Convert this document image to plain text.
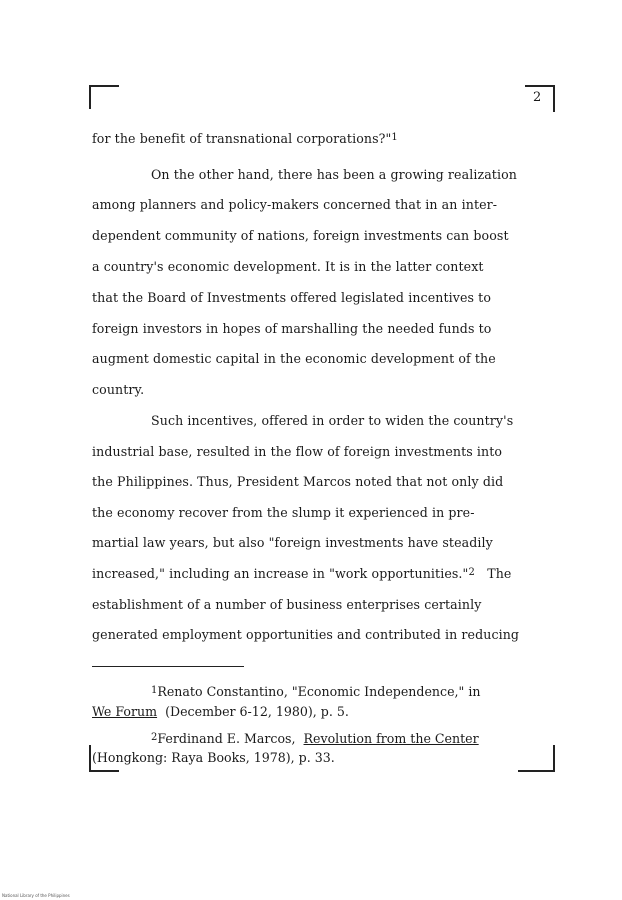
2
for the benefit of transnational corporations?"$^1$
On the other hand, there has been a growing realization
among planners and policy-makers concerned that in an inter-
dependent community of nations, foreign investments can boost
a country's economic development. It is in the latter context
that the Board of Investments offered legislated incentives to
foreign investors in hopes of marshalling the needed funds to
augment domestic capital in the economic development of the
country.
Such incentives, offered in order to widen the country's
industrial base, resulted in the flow of foreign investments into
the Philippines. Thus, President Marcos noted that not only did
the economy recover from the slump it experienced in pre-
martial law years, but also "foreign investments have steadily
increased," including an increase in "work opportunities."$^2$ The
establishment of a number of business enterprises certainly
generated employment opportunities and contributed in reducing
$^1$Renato Constantino, "Economic Independence," in
We Forum (December 6-12, 1980), p. 5.
$^2$Ferdinand E. Marcos, Revolution from the Center
(Hongkong: Raya Books, 1978), p. 33.
National Library of the Philippines
